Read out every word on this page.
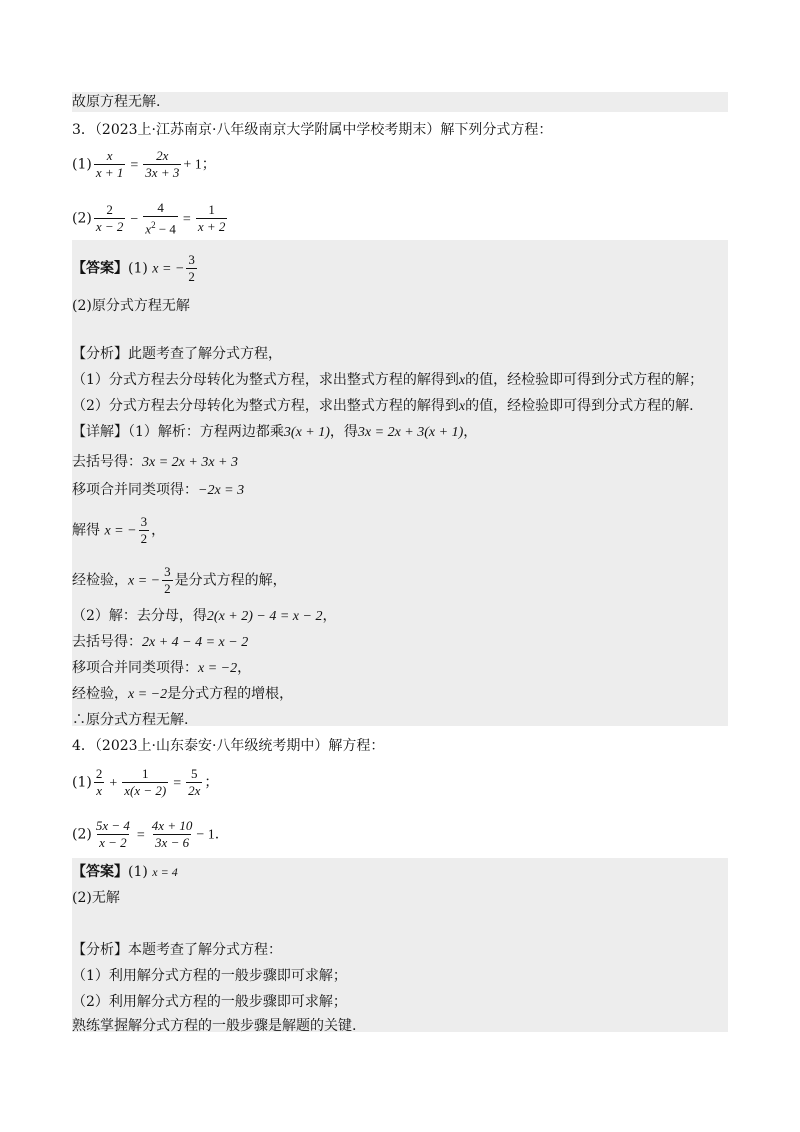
故原方程无解.
3．（2023上·江苏南京·八年级南京大学附属中学校考期末）解下列分式方程：
$(1) \frac{x}{x + 1} = \frac{2x}{3x + 3} + 1$；
$(2) \frac{2}{x - 2} - \frac{4}{x^2 - 4} = \frac{1}{x + 2}$
【答案】(1) x = − $\frac{3}{2}$
(2)原分式方程无解
【分析】此题考查了解分式方程，
（1）分式方程去分母转化为整式方程，求出整式方程的解得到x的值，经检验即可得到分式方程的解；
（2）分式方程去分母转化为整式方程，求出整式方程的解得到x的值，经检验即可得到分式方程的解.
【详解】（1）解析：方程两边都乘3(x + 1)，得3x = 2x + 3(x + 1)，
去括号得：3x = 2x + 3x + 3
移项合并同类项得：−2x = 3
解得 x = − $\frac{3}{2}$ ，
经检验，x = − $\frac{3}{2}$ 是分式方程的解，
（2）解：去分母，得2(x + 2) − 4 = x − 2，
去括号得：2x + 4 − 4 = x − 2
移项合并同类项得：x = −2，
经检验，x = −2是分式方程的增根，
∴原分式方程无解.
4．（2023上·山东泰安·八年级统考期中）解方程：
$(1) \frac{2}{x} + \frac{1}{x(x - 2)} = \frac{5}{2x}$ ；
$(2) \frac{5x - 4}{x - 2} = \frac{4x + 10}{3x - 6} - 1$.
【答案】(1) x = 4
(2)无解
【分析】本题考查了解分式方程：
（1）利用解分式方程的一般步骤即可求解；
（2）利用解分式方程的一般步骤即可求解；
熟练掌握解分式方程的一般步骤是解题的关键.
